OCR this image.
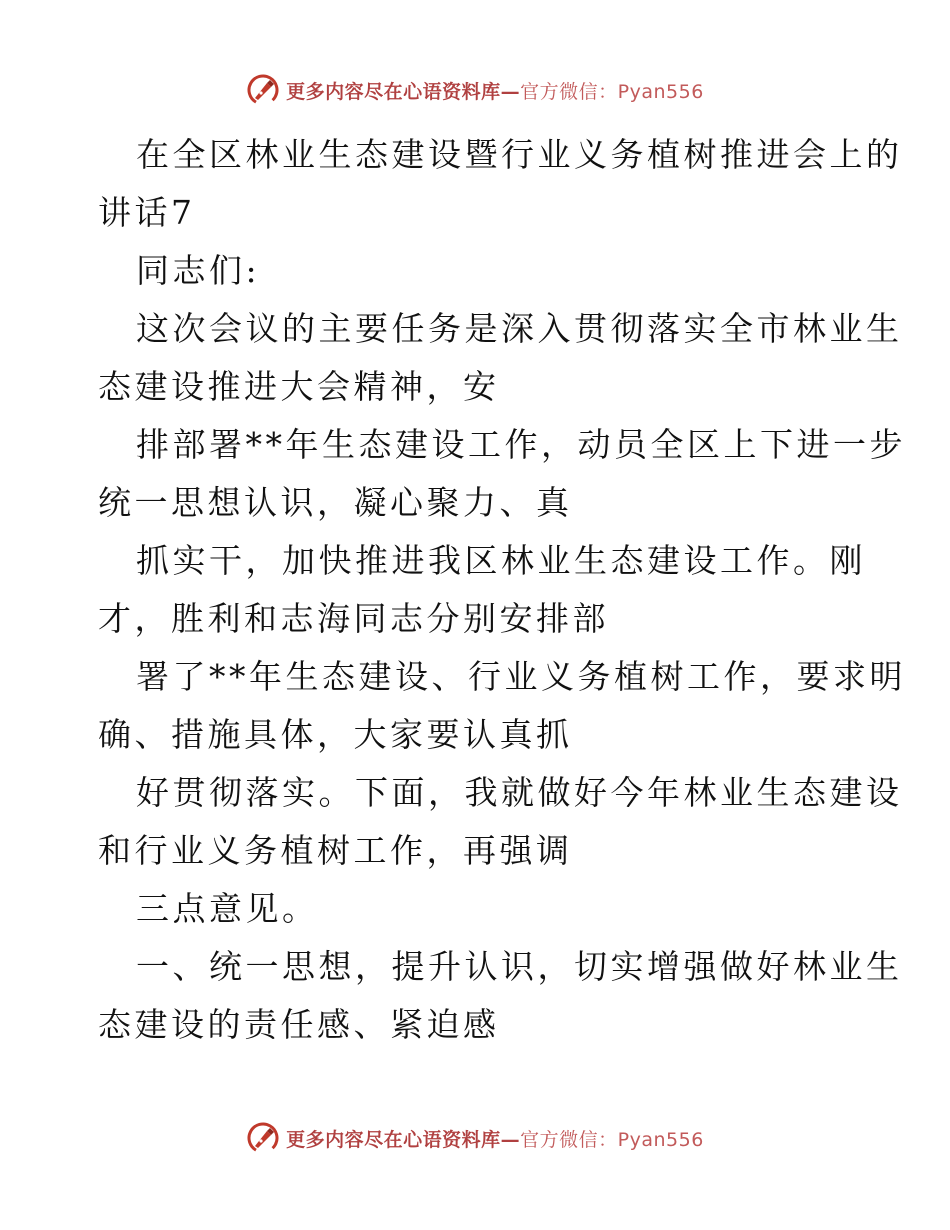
更多内容尽在心语资料库—官方微信：Pyan556
在全区林业生态建设暨行业义务植树推进会上的
讲话7
同志们:
这次会议的主要任务是深入贯彻落实全市林业生
态建设推进大会精神，安
排部署**年生态建设工作，动员全区上下进一步
统一思想认识，凝心聚力、真
抓实干，加快推进我区林业生态建设工作。刚
才，胜利和志海同志分别安排部
署了**年生态建设、行业义务植树工作，要求明
确、措施具体，大家要认真抓
好贯彻落实。下面，我就做好今年林业生态建设
和行业义务植树工作，再强调
三点意见。
一、统一思想，提升认识，切实增强做好林业生
态建设的责任感、紧迫感
更多内容尽在心语资料库—官方微信：Pyan556
